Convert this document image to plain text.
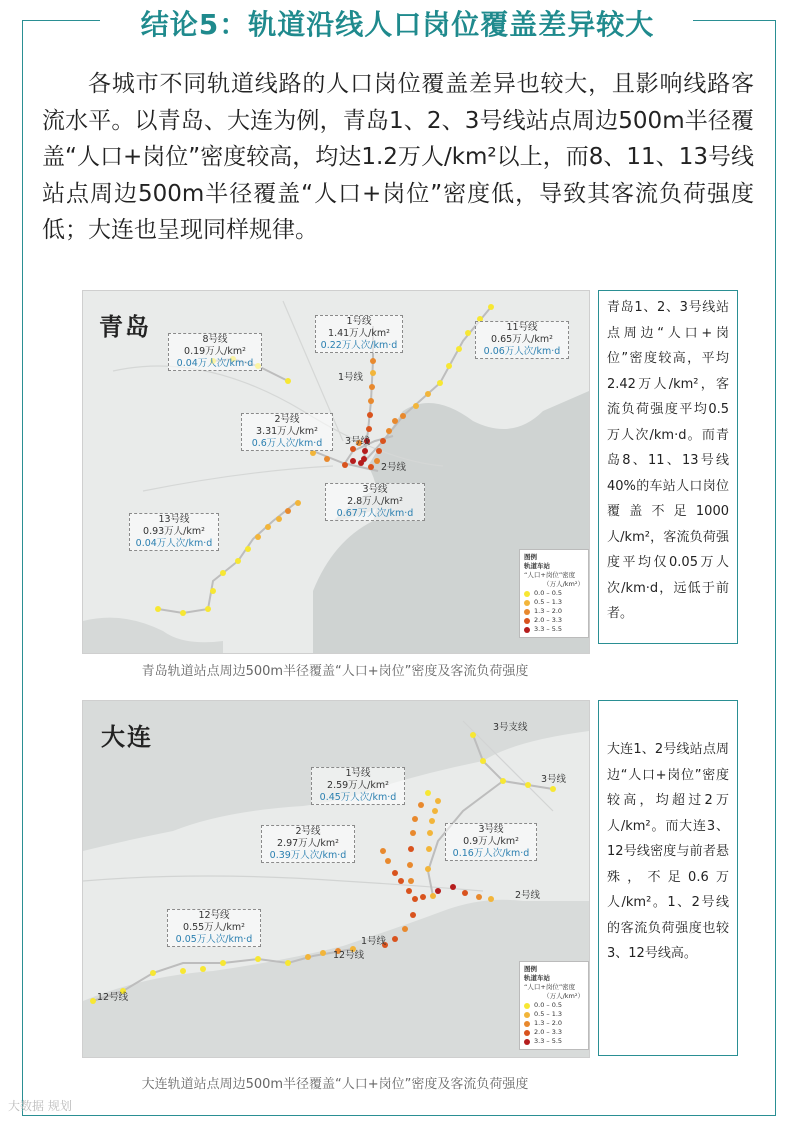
结论5：轨道沿线人口岗位覆盖差异较大
各城市不同轨道线路的人口岗位覆盖差异也较大，且影响线路客流水平。以青岛、大连为例，青岛1、2、3号线站点周边500m半径覆盖“人口+岗位”密度较高，均达1.2万人/km²以上，而8、11、13号线站点周边500m半径覆盖“人口+岗位”密度低，导致其客流负荷强度低；大连也呈现同样规律。
青岛	1号线
1.41万人/km²
0.22万人次/km·d
11号线
0.65万人/km²
0.06万人次/km·d
8号线
0.19万人/km²
0.04万人次/km·d
2号线
3.31万人/km²
0.6万人次/km·d
3号线
2.8万人/km²
0.67万人次/km·d
13号线
0.93万人/km²
0.04万人次/km·d
1号线
3号线
2号线
图例
轨道车站
“人口+岗位”密度
（万人/km²）
0.0 – 0.5
0.5 – 1.3
1.3 – 2.0
2.0 – 3.3
3.3 – 5.5
青岛1、2、3号线站点周边“人口+岗位”密度较高，平均2.42万人/km²，客流负荷强度平均0.5万人次/km·d。而青岛8、11、13号线40%的车站人口岗位覆盖不足1000人/km²，客流负荷强度平均仅0.05万人次/km·d，远低于前者。
青岛轨道站点周边500m半径覆盖“人口+岗位”密度及客流负荷强度
大连
1号线
2.59万人/km²
0.45万人次/km·d
2号线
2.97万人/km²
0.39万人次/km·d
3号线
0.9万人/km²
0.16万人次/km·d
12号线
0.55万人/km²
0.05万人次/km·d
3号支线
3号线
2号线
1号线
12号线
12号线
图例
轨道车站
“人口+岗位”密度
（万人/km²）
0.0 – 0.5
0.5 – 1.3
1.3 – 2.0
2.0 – 3.3
3.3 – 5.5
大连1、2号线站点周边“人口+岗位”密度较高，均超过2万人/km²。而大连3、12号线密度与前者悬殊，不足0.6万人/km²。1、2号线的客流负荷强度也较3、12号线高。
大连轨道站点周边500m半径覆盖“人口+岗位”密度及客流负荷强度
大数据 规划
